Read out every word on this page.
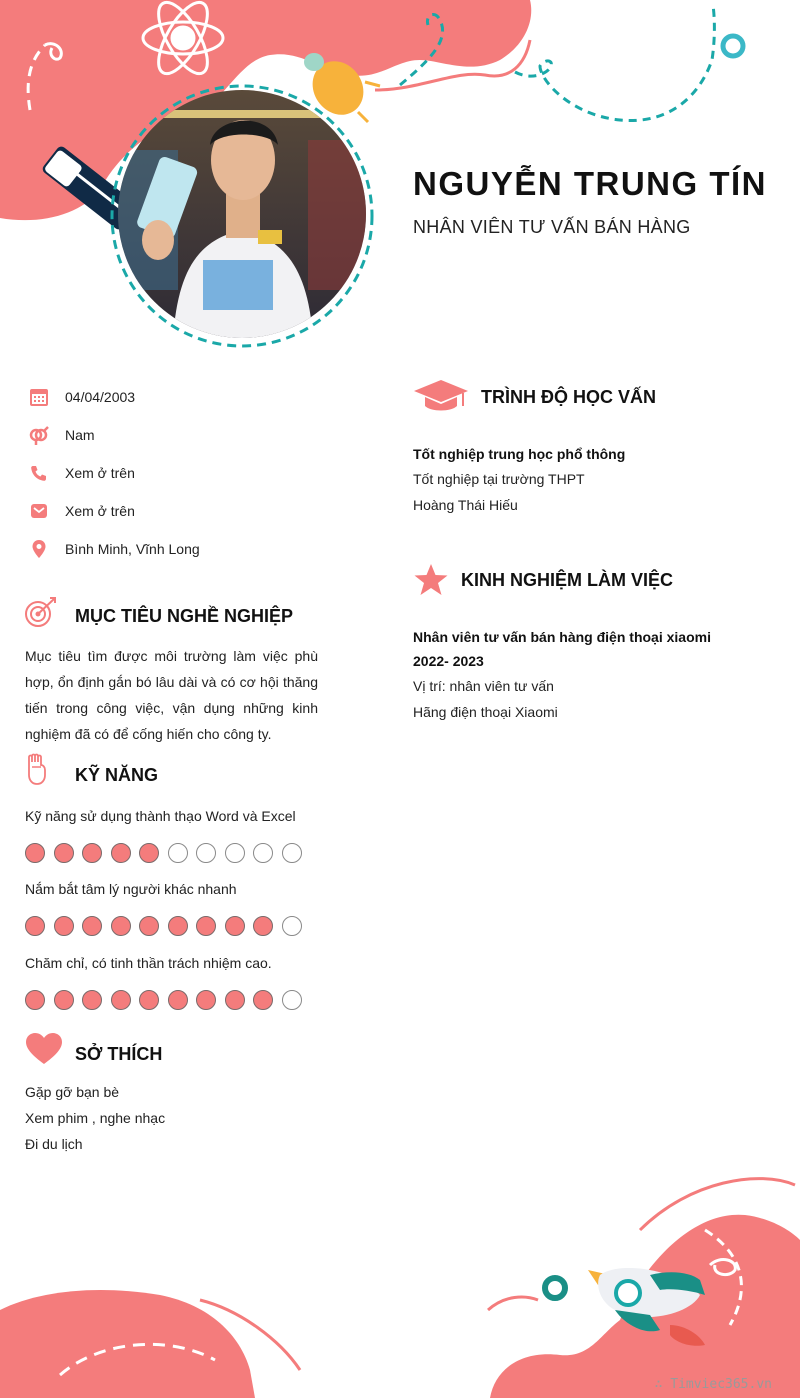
NGUYỄN TRUNG TÍN
NHÂN VIÊN TƯ VẤN BÁN HÀNG
04/04/2003
Nam
Xem ở trên
Xem ở trên
Bình Minh, Vĩnh Long
MỤC TIÊU NGHỀ NGHIỆP
Mục tiêu tìm được môi trường làm việc phù hợp, ổn định gắn bó lâu dài và có cơ hội thăng tiến trong công việc, vận dụng những kinh nghiệm đã có để cống hiến cho công ty.
KỸ NĂNG
Kỹ năng sử dụng thành thạo Word và Excel
Nắm bắt tâm lý người khác nhanh
Chăm chỉ, có tinh thần trách nhiệm cao.
SỞ THÍCH
Gặp gỡ bạn bè
Xem phim , nghe nhạc
Đi du lịch
TRÌNH ĐỘ HỌC VẤN
Tốt nghiệp trung học phổ thông
Tốt nghiệp tại trường THPT
Hoàng Thái Hiếu
KINH NGHIỆM LÀM VIỆC
Nhân viên tư vấn bán hàng điện thoại xiaomi
2022- 2023
Vị trí: nhân viên tư vấn
Hãng điện thoại Xiaomi
∴ Timviec365.vn
